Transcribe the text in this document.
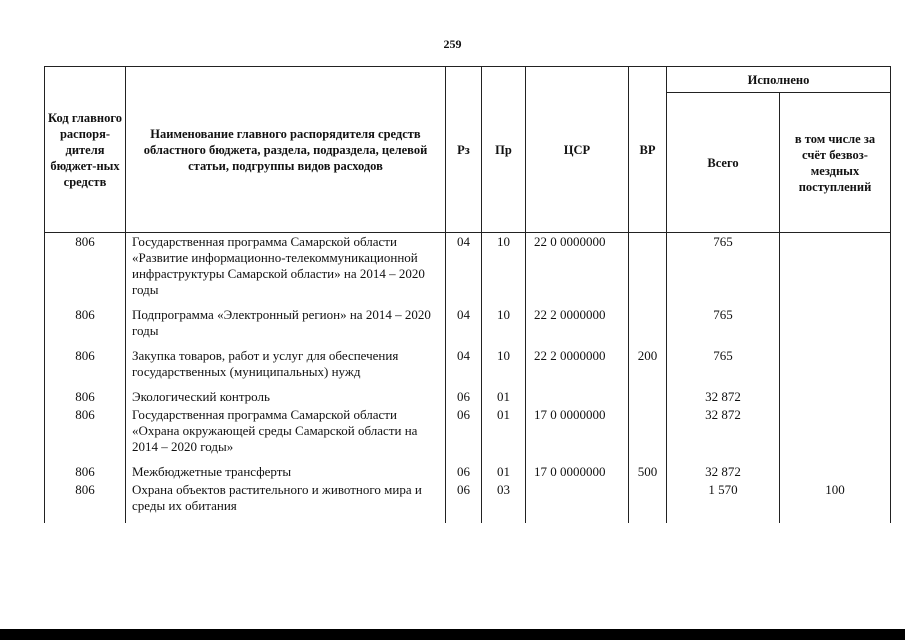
259
Код главного распоря-дителя бюджет-ных средств	Наименование главного распорядителя средств областного бюджета, раздела, подраздела, целевой статьи, подгруппы видов расходов	Рз	Пр	ЦСР	ВР	Исполнено	
						Всего	в том числе за счёт безвоз-мездных поступлений
806	Государственная программа Самарской области «Развитие информационно-телекоммуникационной инфраструктуры Самарской области» на 2014 – 2020 годы	04	10	22 0 0000000		765	
806	Подпрограмма «Электронный регион» на 2014 – 2020 годы	04	10	22 2 0000000		765	
806	Закупка товаров, работ и услуг для обеспечения государственных (муниципальных) нужд	04	10	22 2 0000000	200	765	
806	Экологический контроль	06	01			32 872	
806	Государственная программа Самарской области «Охрана окружающей среды Самарской области на 2014 – 2020 годы»	06	01	17 0 0000000		32 872	
806	Межбюджетные трансферты	06	01	17 0 0000000	500	32 872	
806	Охрана объектов растительного и животного мира и среды их обитания	06	03			1 570	100
